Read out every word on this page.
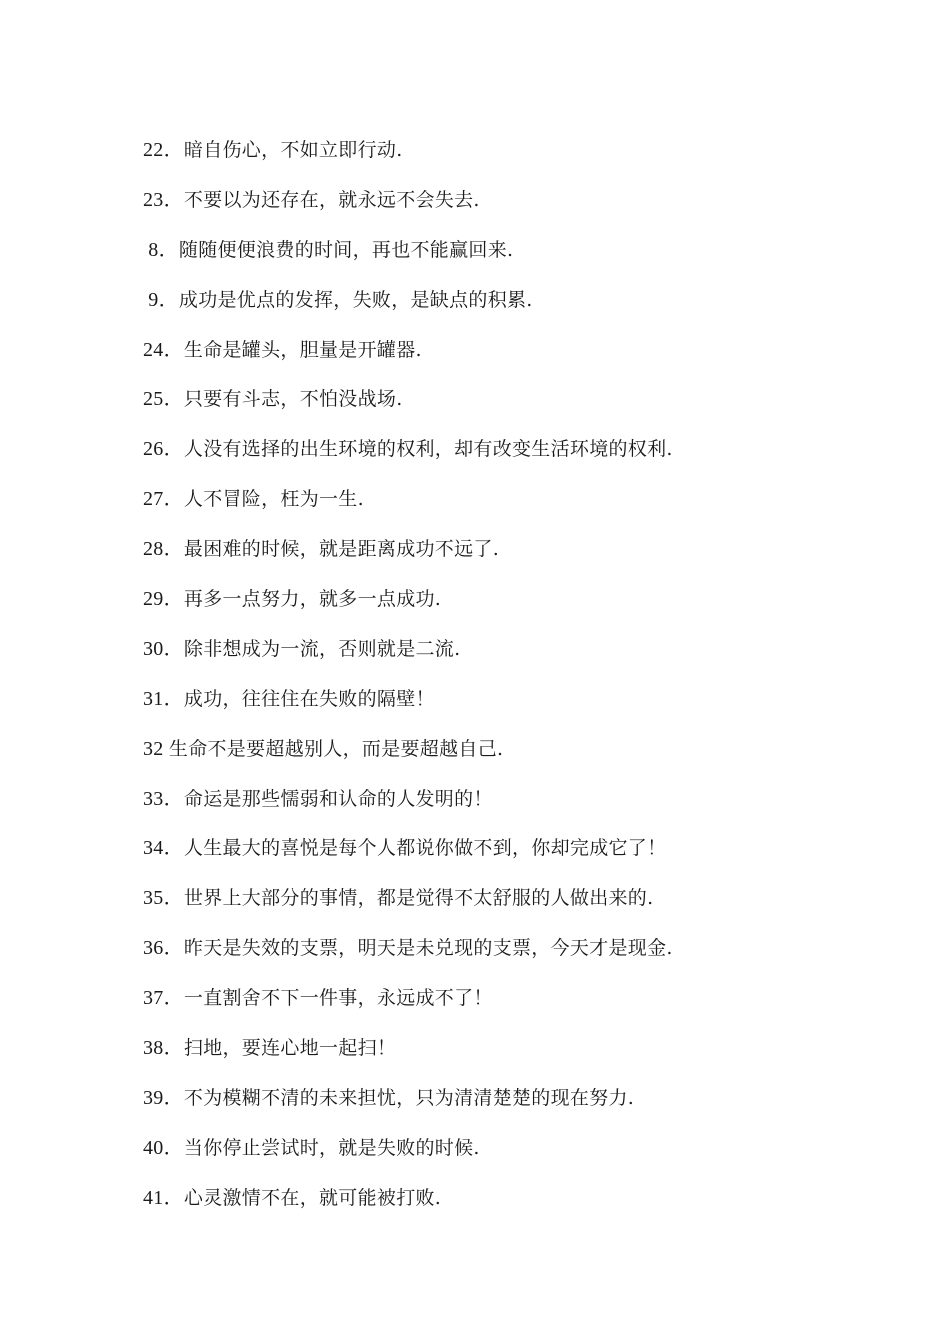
22．暗自伤心，不如立即行动.
23．不要以为还存在，就永远不会失去.
8．随随便便浪费的时间，再也不能赢回来.
9．成功是优点的发挥，失败，是缺点的积累.
24．生命是罐头，胆量是开罐器.
25．只要有斗志，不怕没战场.
26．人没有选择的出生环境的权利，却有改变生活环境的权利.
27．人不冒险，枉为一生.
28．最困难的时候，就是距离成功不远了.
29．再多一点努力，就多一点成功.
30．除非想成为一流，否则就是二流.
31．成功，往往住在失败的隔壁！
32 生命不是要超越别人，而是要超越自己.
33．命运是那些懦弱和认命的人发明的！
34．人生最大的喜悦是每个人都说你做不到，你却完成它了！
35．世界上大部分的事情，都是觉得不太舒服的人做出来的.
36．昨天是失效的支票，明天是未兑现的支票，今天才是现金.
37．一直割舍不下一件事，永远成不了！
38．扫地，要连心地一起扫！
39．不为模糊不清的未来担忧，只为清清楚楚的现在努力.
40．当你停止尝试时，就是失败的时候.
41．心灵激情不在，就可能被打败.
